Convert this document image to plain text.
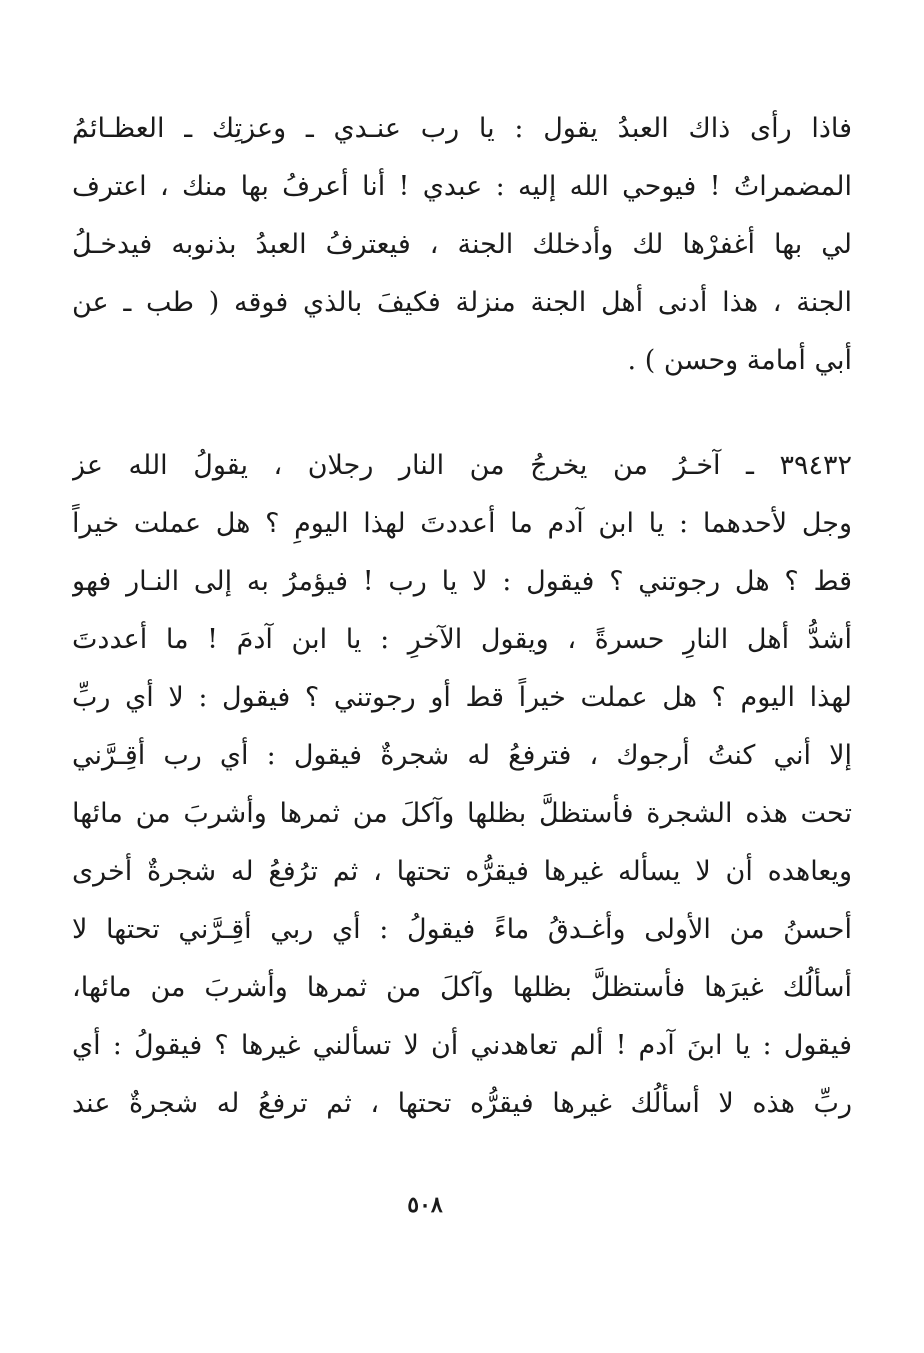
فاذا رأى ذاك العبدُ يقول : يا رب عنـدي ـ وعزتِك ـ العظـائمُ
المضمراتُ ! فيوحي الله إليه : عبدي ! أنا أعرفُ بها منك ، اعترف
لي بها أغفرْها لك وأدخلك الجنة ، فيعترفُ العبدُ بذنوبه فيدخـلُ
الجنة ، هذا أدنى أهل الجنة منزلة فكيفَ بالذي فوقه ( طب ـ عن
أبي أمامة وحسن ) .
٣٩٤٣٢ ـ آخـرُ من يخرجُ من النار رجلان ، يقولُ الله عز
وجل لأحدهما : يا ابن آدم ما أعددتَ لهذا اليومِ ؟ هل عملت خيراً
قط ؟ هل رجوتني ؟ فيقول : لا يا رب ! فيؤمرُ به إلى النـار فهو
أشدُّ أهل النارِ حسرةً ، ويقول الآخرِ : يا ابن آدمَ ! ما أعددتَ
لهذا اليوم ؟ هل عملت خيراً قط أو رجوتني ؟ فيقول : لا أي ربِّ
إلا أني كنتُ أرجوك ، فترفعُ له شجرةٌ فيقول : أي رب أقِـرَّني
تحت هذه الشجرة فأستظلَّ بظلها وآكلَ من ثمرها وأشربَ من مائها
ويعاهده أن لا يسأله غيرها فيقرُّه تحتها ، ثم ترُفعُ له شجرةٌ أخرى
أحسنُ من الأولى وأغـدقُ ماءً فيقولُ : أي ربي أقِـرَّني تحتها لا
أسألُك غيرَها فأستظلَّ بظلها وآكلَ من ثمرها وأشربَ من مائها،
فيقول : يا ابنَ آدم ! ألم تعاهدني أن لا تسألني غيرها ؟ فيقولُ : أي
ربِّ هذه لا أسألُك غيرها فيقرُّه تحتها ، ثم ترفعُ له شجرةٌ عند
٥٠٨
